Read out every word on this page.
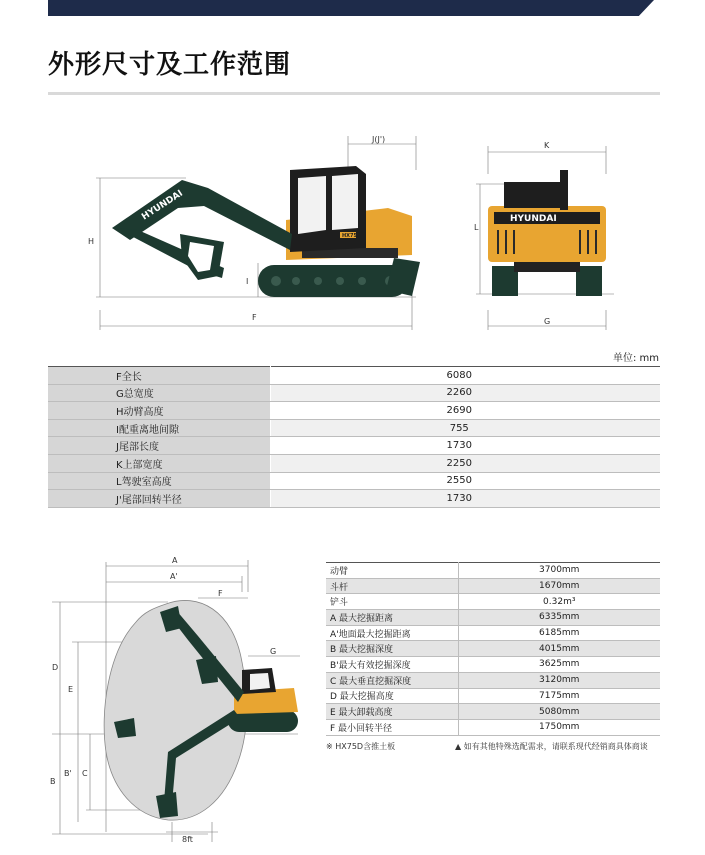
外形尺寸及工作范围
H
F
I
J(J')
HX75
HYUNDAI
K
L
G
HYUNDAI
单位: mm
F全长	6080
G总宽度	2260
H动臂高度	2690
I配重离地间隙	755
J尾部长度	1730
K上部宽度	2250
L驾驶室高度	2550
J'尾部回转半径	1730
A
A'
F
G
D
E
B
B' C
8ft
动臂	3700mm
斗杆	1670mm
铲斗	0.32m³
A 最大挖掘距离	6335mm
A'地面最大挖掘距离	6185mm
B 最大挖掘深度	4015mm
B'最大有效挖掘深度	3625mm
C 最大垂直挖掘深度	3120mm
D 最大挖掘高度	7175mm
E 最大卸载高度	5080mm
F 最小回转半径	1750mm
※ HX75D含推土板	▲ 如有其他特殊选配需求，请联系现代经销商具体商谈
